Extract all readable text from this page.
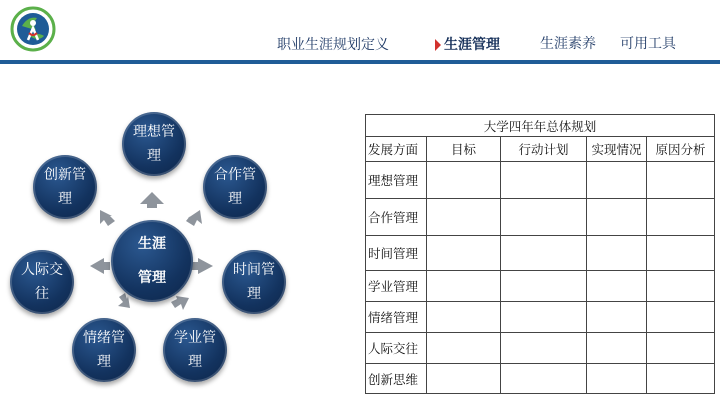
职业生涯规划定义	生涯管理	生涯素养 可用工具
理想管理
合作管理
时间管理
学业管理
情绪管理
人际交往
创新管理
生涯
管理
大学四年年总体规划				
发展方面	目标	行动计划	实现情况	原因分析
理想管理				
合作管理				
时间管理				
学业管理				
情绪管理				
人际交往				
创新思维				
